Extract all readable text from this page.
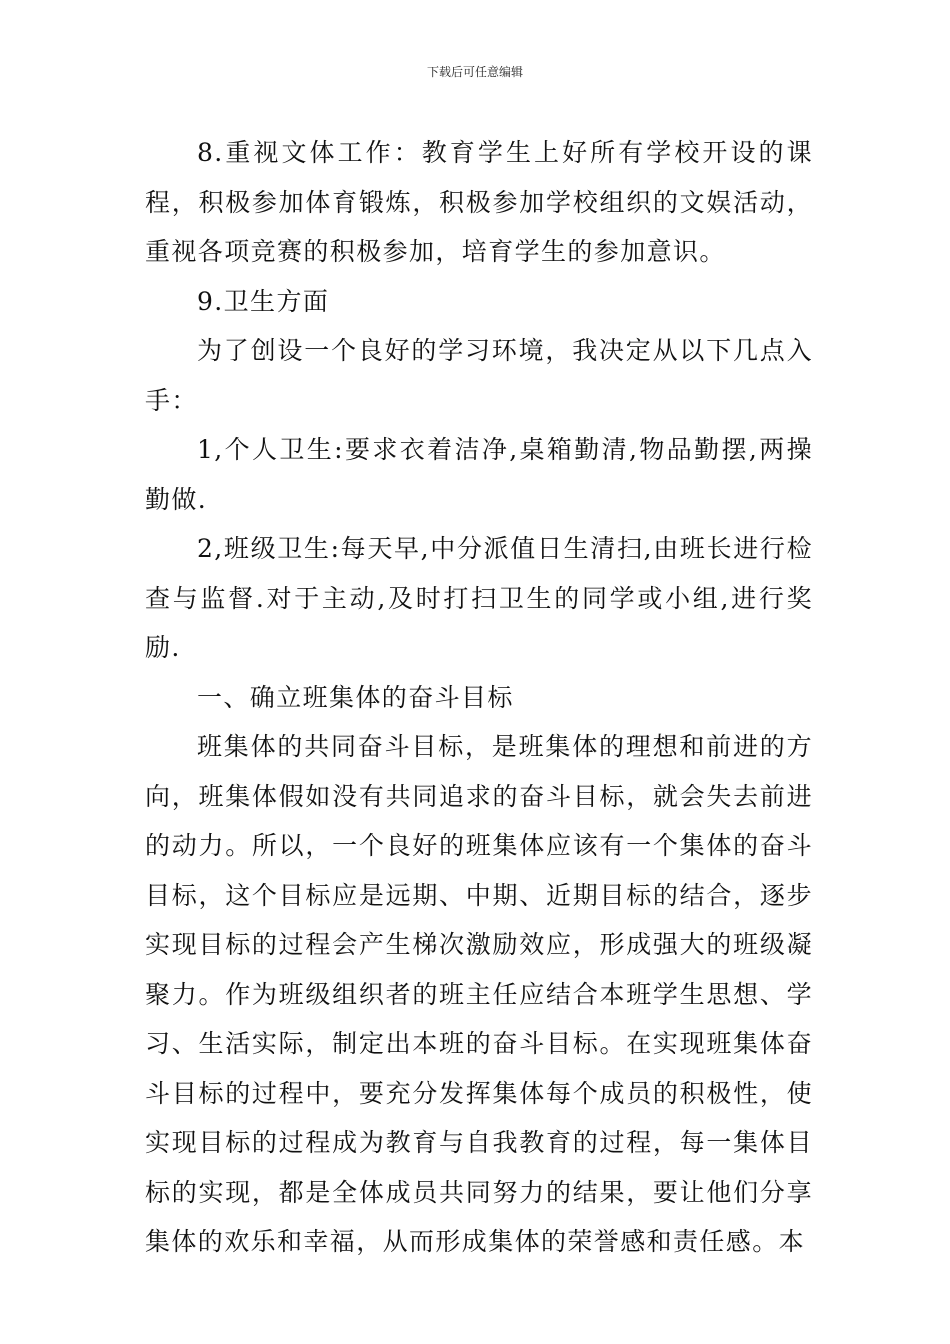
下载后可任意编辑

8.重视文体工作：教育学生上好所有学校开设的课程，积极参加体育锻炼，积极参加学校组织的文娱活动，重视各项竞赛的积极参加，培育学生的参加意识。

9.卫生方面

为了创设一个良好的学习环境，我决定从以下几点入手：

1,个人卫生:要求衣着洁净,桌箱勤清,物品勤摆,两操勤做.

2,班级卫生:每天早,中分派值日生清扫,由班长进行检查与监督.对于主动,及时打扫卫生的同学或小组,进行奖励.

一、确立班集体的奋斗目标

班集体的共同奋斗目标，是班集体的理想和前进的方向，班集体假如没有共同追求的奋斗目标，就会失去前进的动力。所以，一个良好的班集体应该有一个集体的奋斗目标，这个目标应是远期、中期、近期目标的结合，逐步实现目标的过程会产生梯次激励效应，形成强大的班级凝聚力。作为班级组织者的班主任应结合本班学生思想、学习、生活实际，制定出本班的奋斗目标。在实现班集体奋斗目标的过程中，要充分发挥集体每个成员的积极性，使实现目标的过程成为教育与自我教育的过程，每一集体目标的实现，都是全体成员共同努力的结果，要让他们分享集体的欢乐和幸福，从而形成集体的荣誉感和责任感。本
